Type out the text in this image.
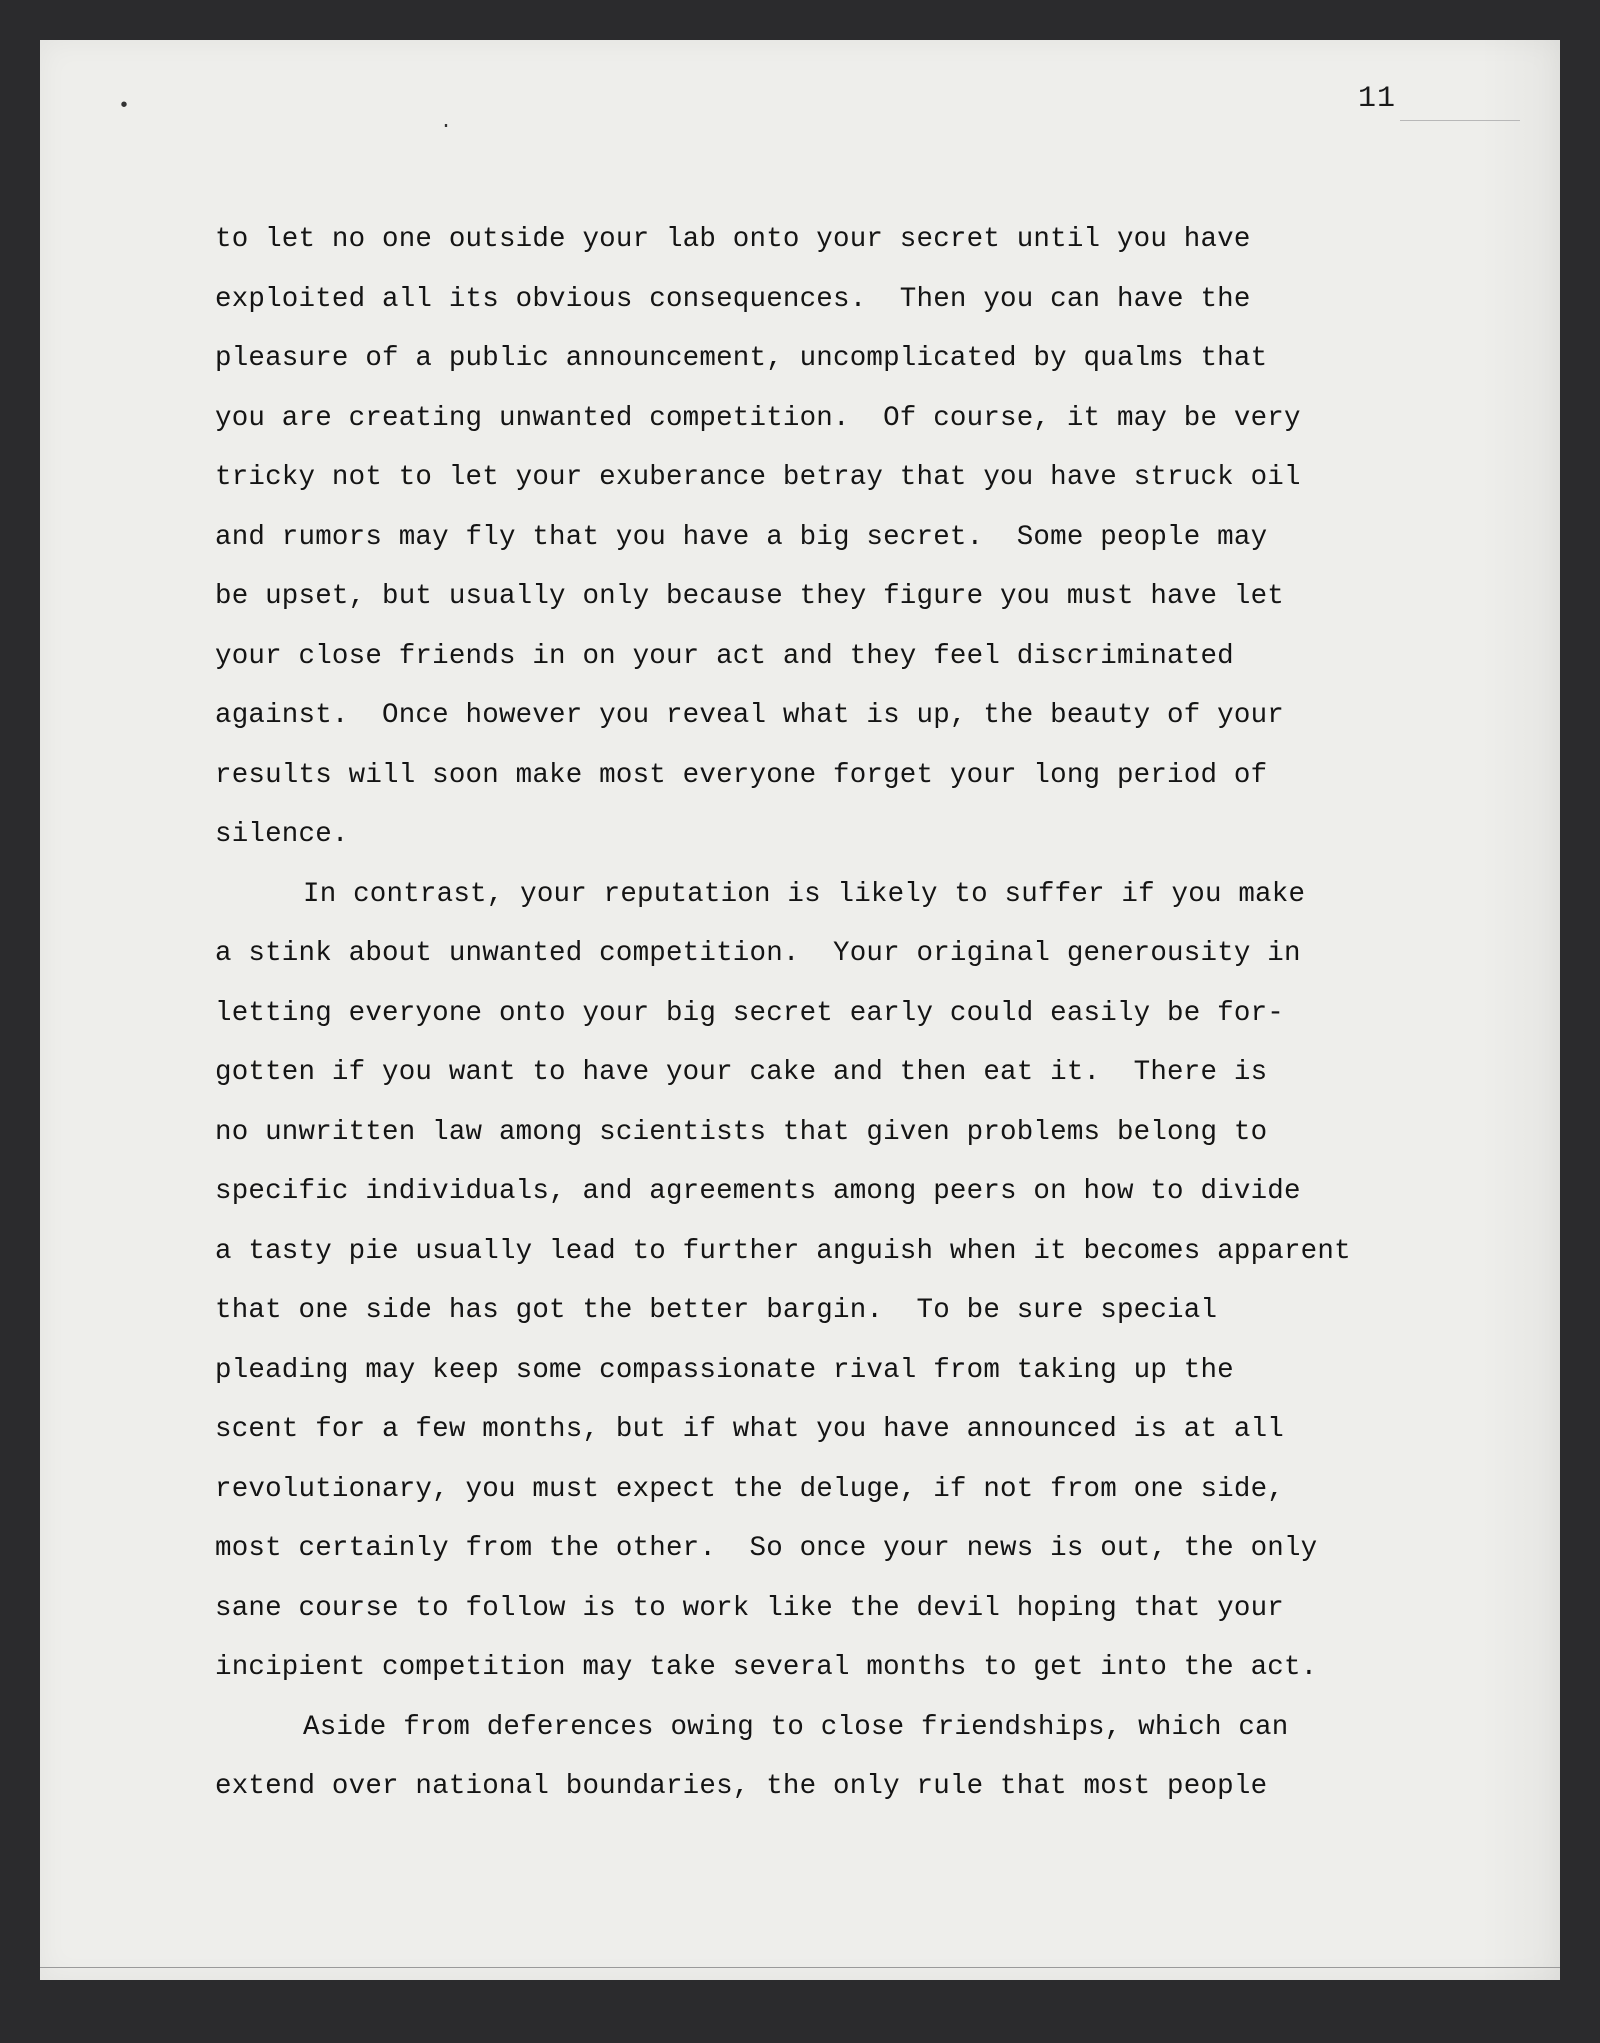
11
•
·
to let no one outside your lab onto your secret until you have
exploited all its obvious consequences.  Then you can have the
pleasure of a public announcement, uncomplicated by qualms that
you are creating unwanted competition.  Of course, it may be very
tricky not to let your exuberance betray that you have struck oil
and rumors may fly that you have a big secret.  Some people may
be upset, but usually only because they figure you must have let
your close friends in on your act and they feel discriminated
against.  Once however you reveal what is up, the beauty of your
results will soon make most everyone forget your long period of
silence.
In contrast, your reputation is likely to suffer if you make
a stink about unwanted competition.  Your original generousity in
letting everyone onto your big secret early could easily be for-
gotten if you want to have your cake and then eat it.  There is
no unwritten law among scientists that given problems belong to
specific individuals, and agreements among peers on how to divide
a tasty pie usually lead to further anguish when it becomes apparent
that one side has got the better bargin.  To be sure special
pleading may keep some compassionate rival from taking up the
scent for a few months, but if what you have announced is at all
revolutionary, you must expect the deluge, if not from one side,
most certainly from the other.  So once your news is out, the only
sane course to follow is to work like the devil hoping that your
incipient competition may take several months to get into the act.
Aside from deferences owing to close friendships, which can
extend over national boundaries, the only rule that most people
